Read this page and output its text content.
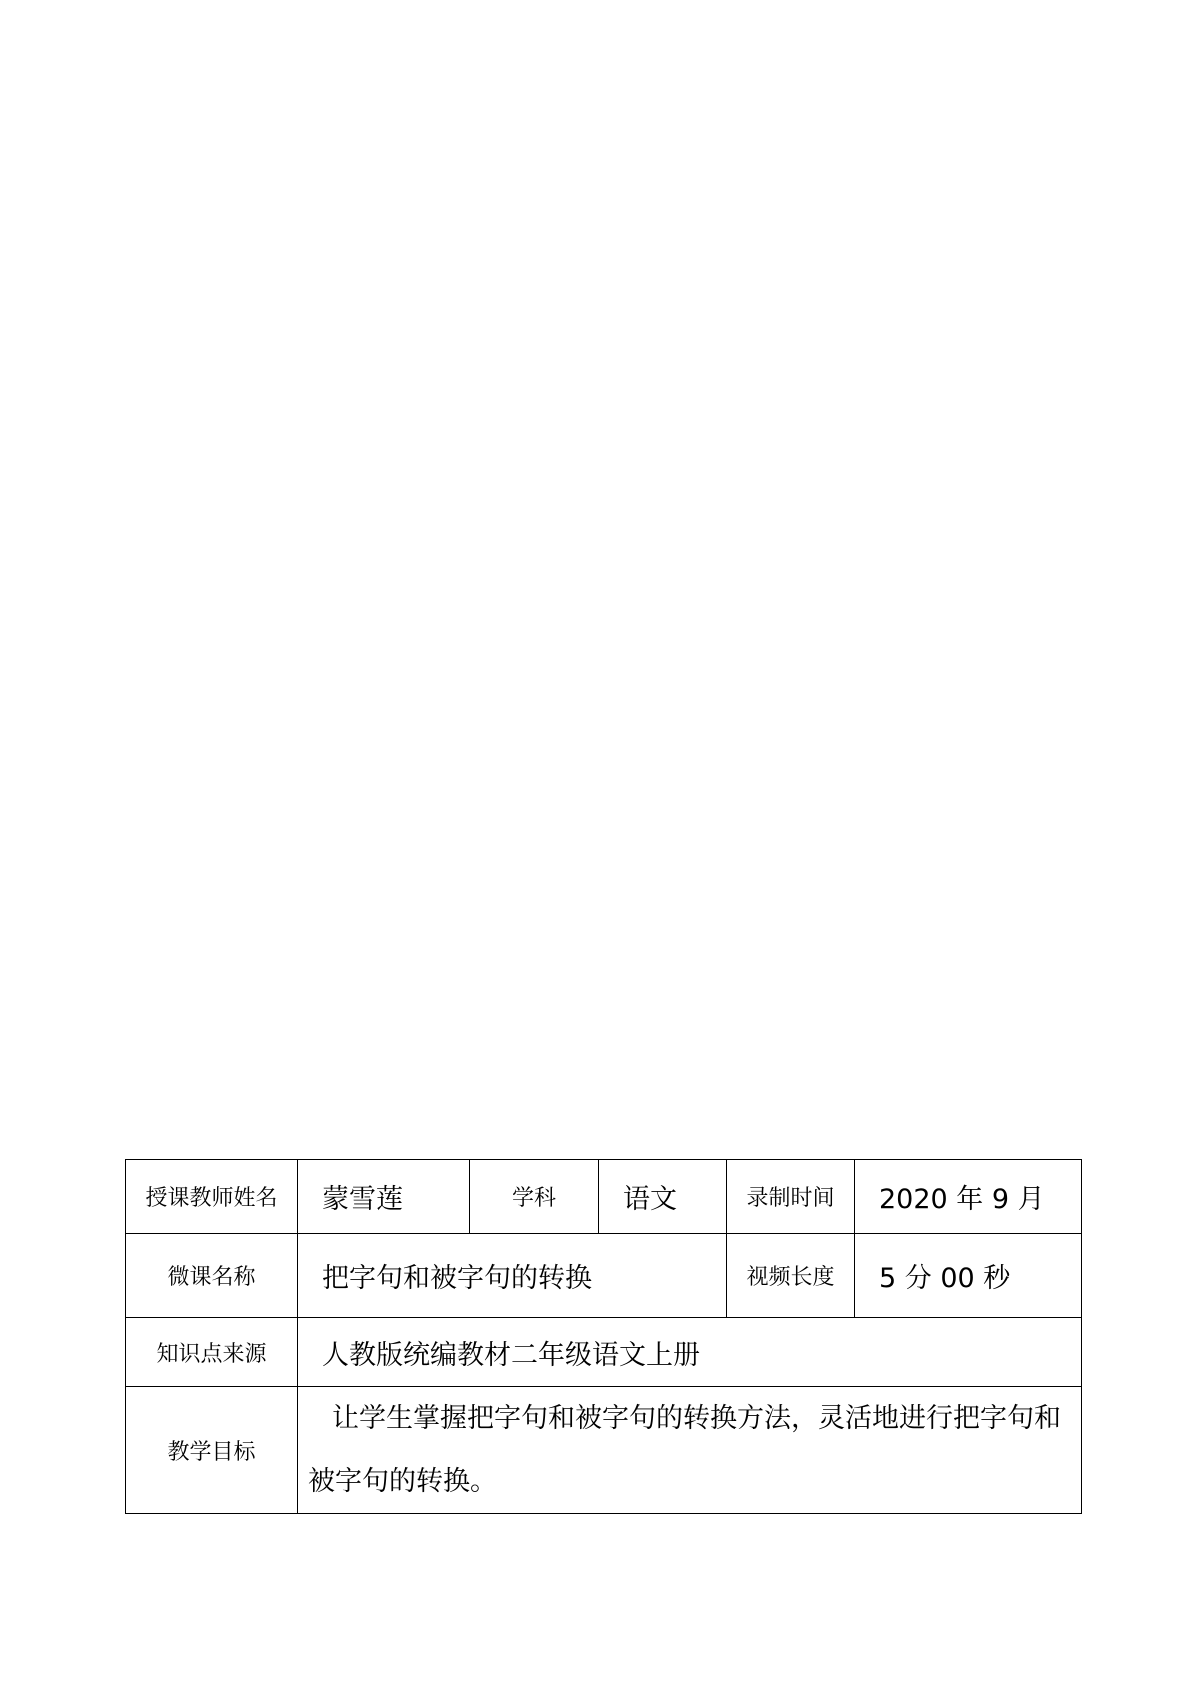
授课教师姓名	蒙雪莲	学科	语文	录制时间	2020 年 9 月
微课名称	把字句和被字句的转换			视频长度	5 分 00 秒
知识点来源	人教版统编教材二年级语文上册				
教学目标	让学生掌握把字句和被字句的转换方法，灵活地进行把字句和被字句的转换。				
